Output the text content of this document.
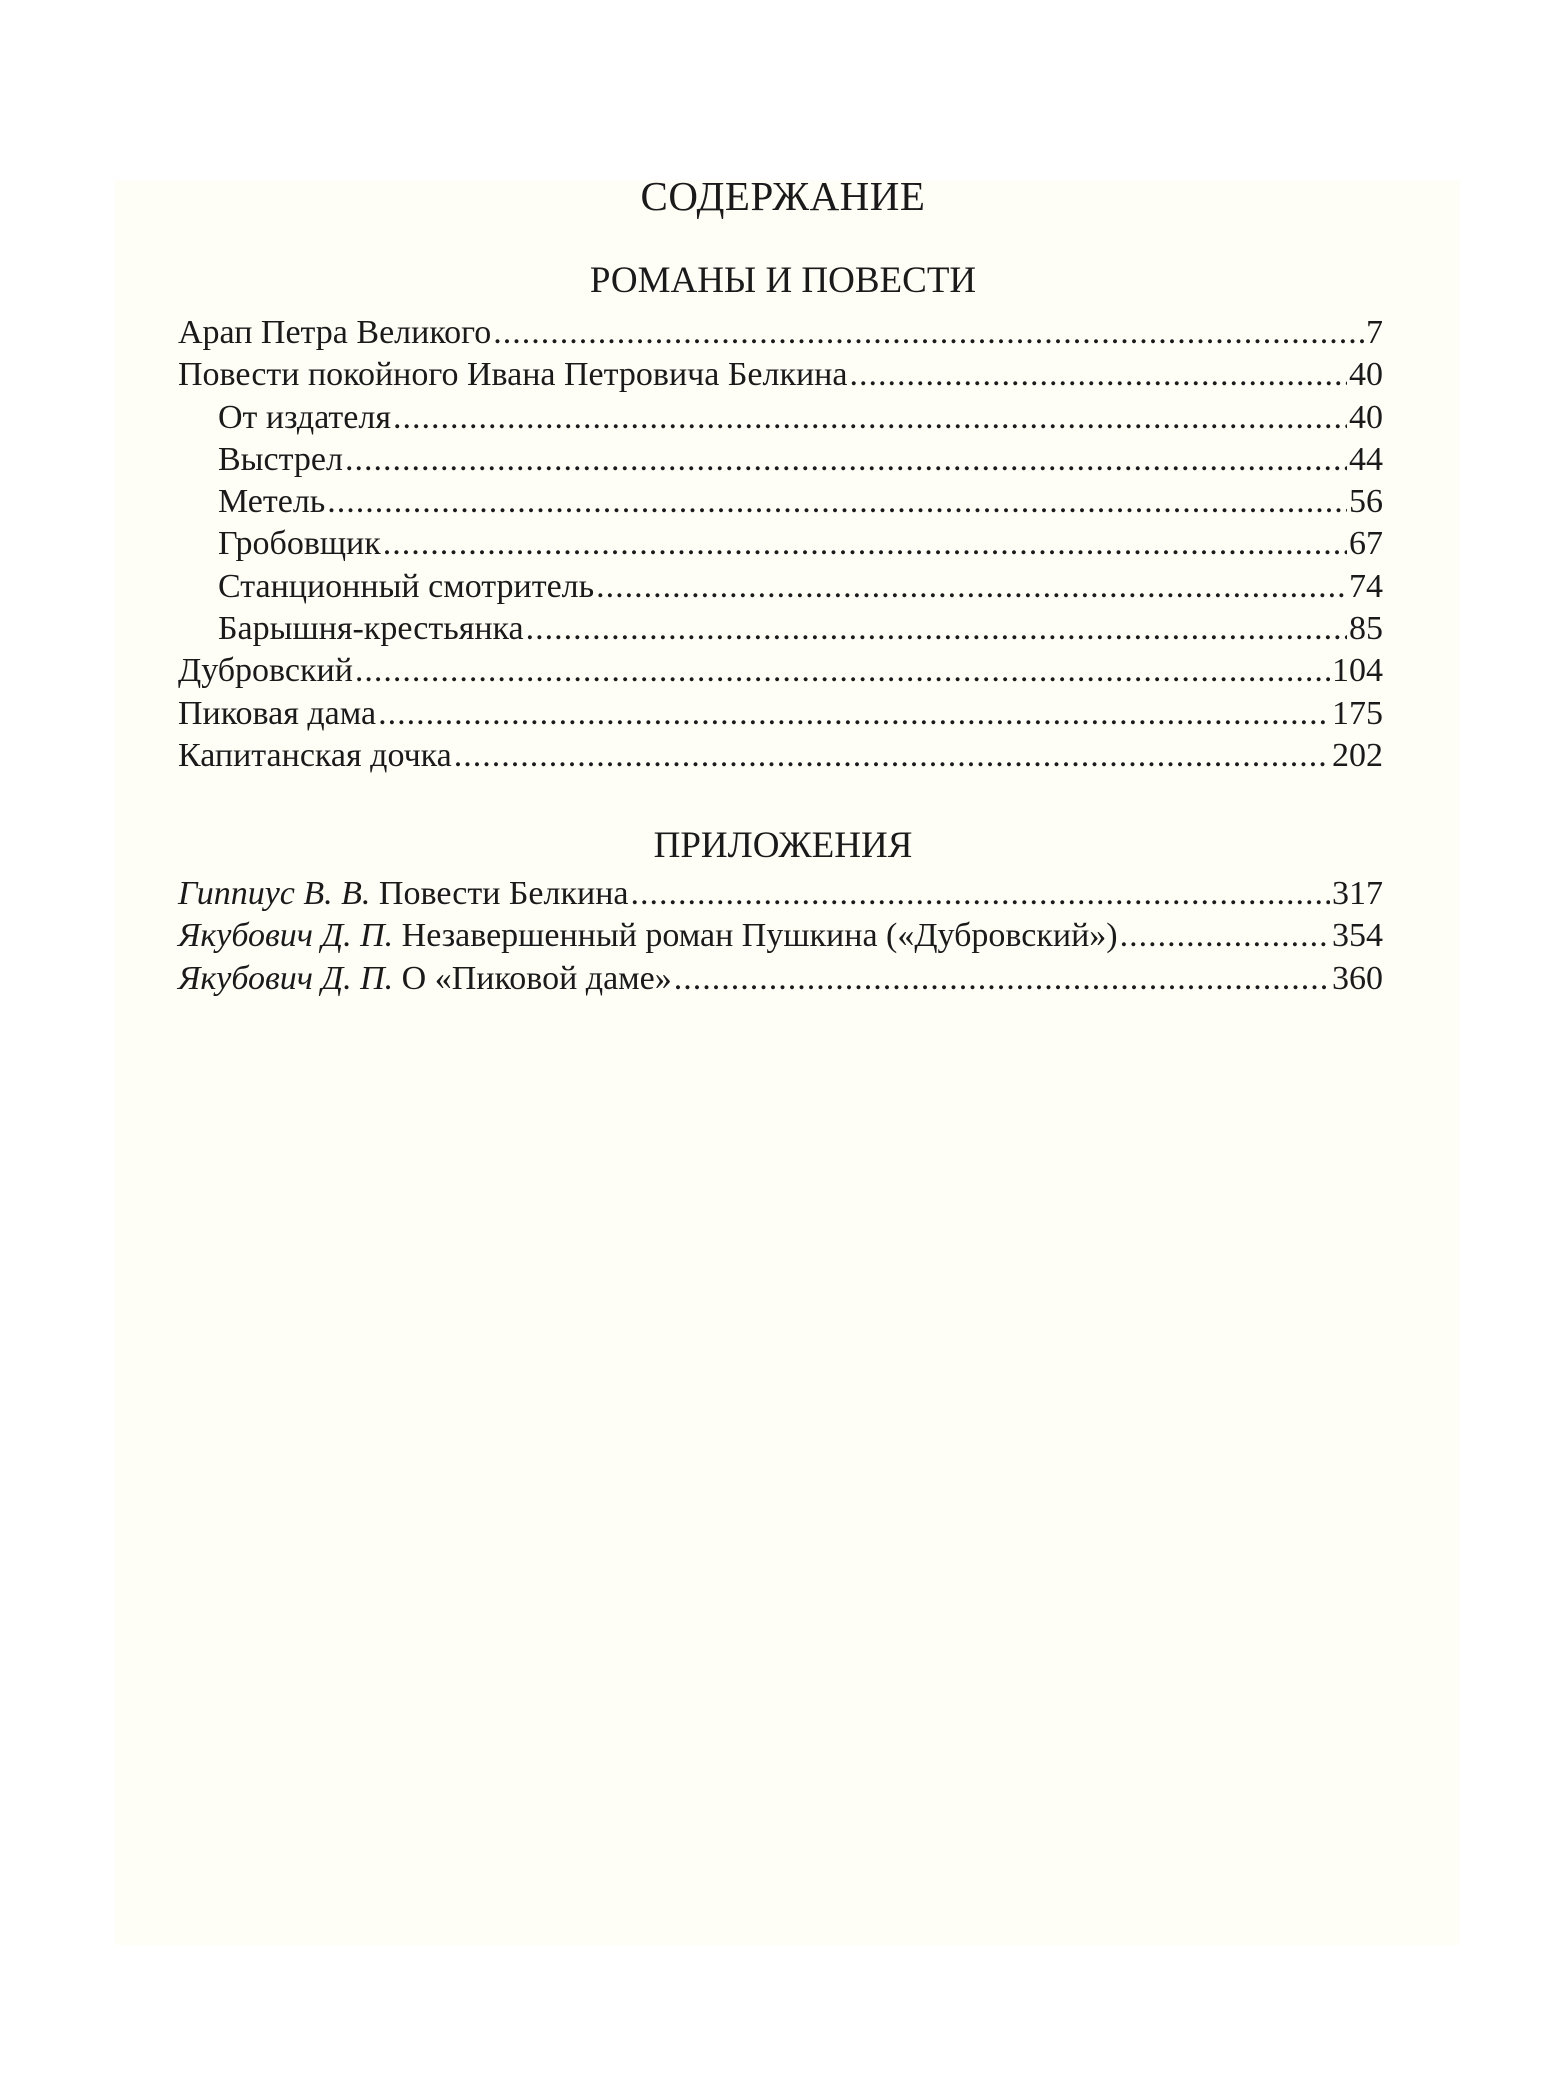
СОДЕРЖАНИЕ
РОМАНЫ И ПОВЕСТИ
Арап Петра Великого .....	7
Повести покойного Ивана Петровича Белкина .....	40
От издателя .....	40
Выстрел .....	44
Метель .....	56
Гробовщик .....	67
Станционный смотритель .....	74
Барышня-крестьянка .....	85
Дубровский .....	104
Пиковая дама .....	175
Капитанская дочка .....	202
ПРИЛОЖЕНИЯ
Гиппиус В. В. Повести Белкина .....	317
Якубович Д. П. Незавершенный роман Пушкина («Дубровский») .....	354
Якубович Д. П. О «Пиковой даме» .....	360
